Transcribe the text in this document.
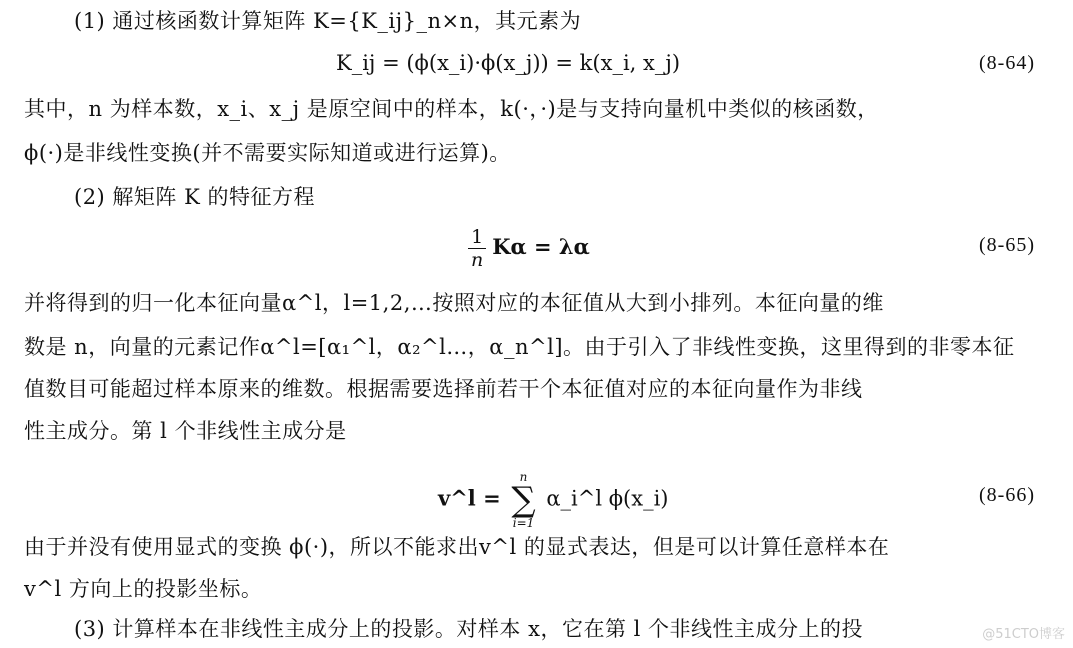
(1) 通过核函数计算矩阵 K={K_ij}_n×n，其元素为
K_ij = (ϕ(x_i)·ϕ(x_j)) = k(x_i, x_j)	(8-64)
其中，n 为样本数，x_i、x_j 是原空间中的样本，k(·，·)是与支持向量机中类似的核函数，
ϕ(·)是非线性变换(并不需要实际知道或进行运算)。
(2) 解矩阵 K 的特征方程
$\frac{1}{n}$ Kα = λα	(8-65)
并将得到的归一化本征向量α^l，l=1,2,…按照对应的本征值从大到小排列。本征向量的维
数是 n，向量的元素记作α^l=[α₁^l，α₂^l…，α_n^l]。由于引入了非线性变换，这里得到的非零本征
值数目可能超过样本原来的维数。根据需要选择前若干个本征值对应的本征向量作为非线
性主成分。第 l 个非线性主成分是
v^l =
n
∑
i=1
α_i^l ϕ(x_i)	(8-66)
由于并没有使用显式的变换 ϕ(·)，所以不能求出v^l 的显式表达，但是可以计算任意样本在
v^l 方向上的投影坐标。
(3) 计算样本在非线性主成分上的投影。对样本 x，它在第 l 个非线性主成分上的投	@51CTO博客
